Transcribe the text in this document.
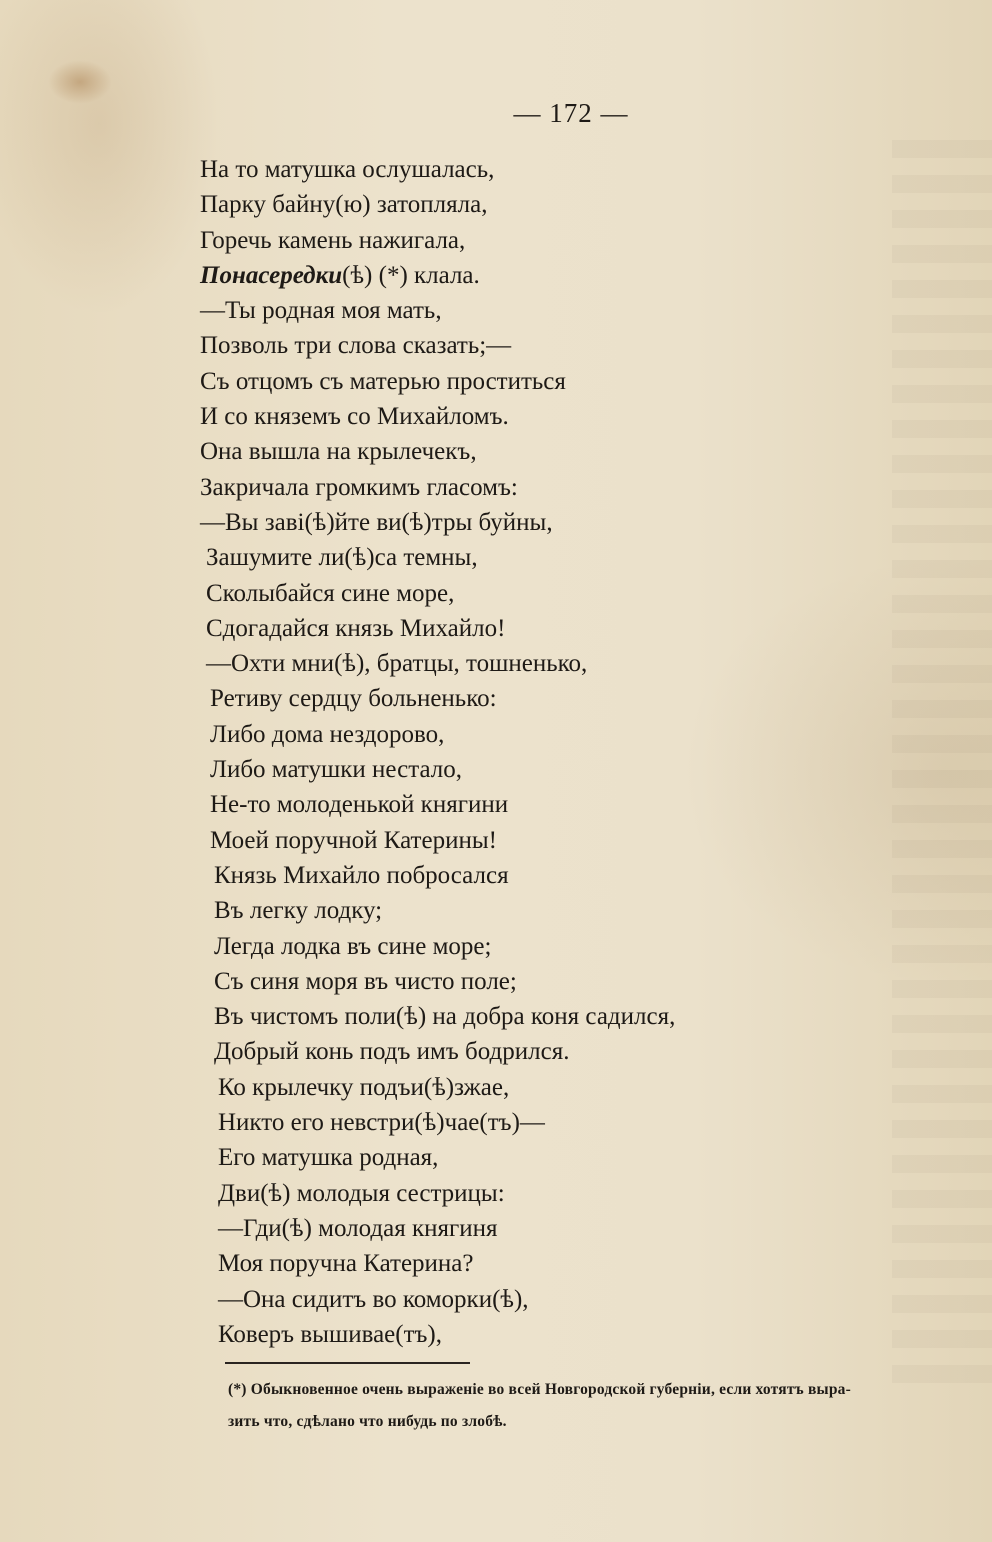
— 172 —
На то матушка ослушалась,
Парку байну(ю) затопляла,
Горечь камень нажигала,
Понасередки(ѣ) (*) клала.
—Ты родная моя мать,
Позволь три слова сказать;—
Съ отцомъ съ матерью проститься
И со княземъ со Михайломъ.
Она вышла на крылечекъ,
Закричала громкимъ гласомъ:
—Вы заві(ѣ)йте ви(ѣ)тры буйны,
Зашумите ли(ѣ)са темны,
Сколыбайся сине море,
Сдогадайся князь Михайло!
—Охти мни(ѣ), братцы, тошненько,
Ретиву сердцу больненько:
Либо дома нездорово,
Либо матушки нестало,
Не-то молоденькой княгини
Моей поручной Катерины!
Князь Михайло побросался
Въ легку лодку;
Легда лодка въ сине море;
Съ синя моря въ чисто поле;
Въ чистомъ поли(ѣ) на добра коня садился,
Добрый конь подъ имъ бодрился.
Ко крылечку подъи(ѣ)зжае,
Никто его невстри(ѣ)чае(тъ)—
Его матушка родная,
Дви(ѣ) молодыя сестрицы:
—Гди(ѣ) молодая княгиня
Моя поручна Катерина?
—Она сидитъ во коморки(ѣ),
Коверъ вышивае(тъ),
(*) Обыкновенное очень выраженіе во всей Новгородской губерніи, если хотятъ выра-
зить что, сдѣлано что нибудь по злобѣ.
